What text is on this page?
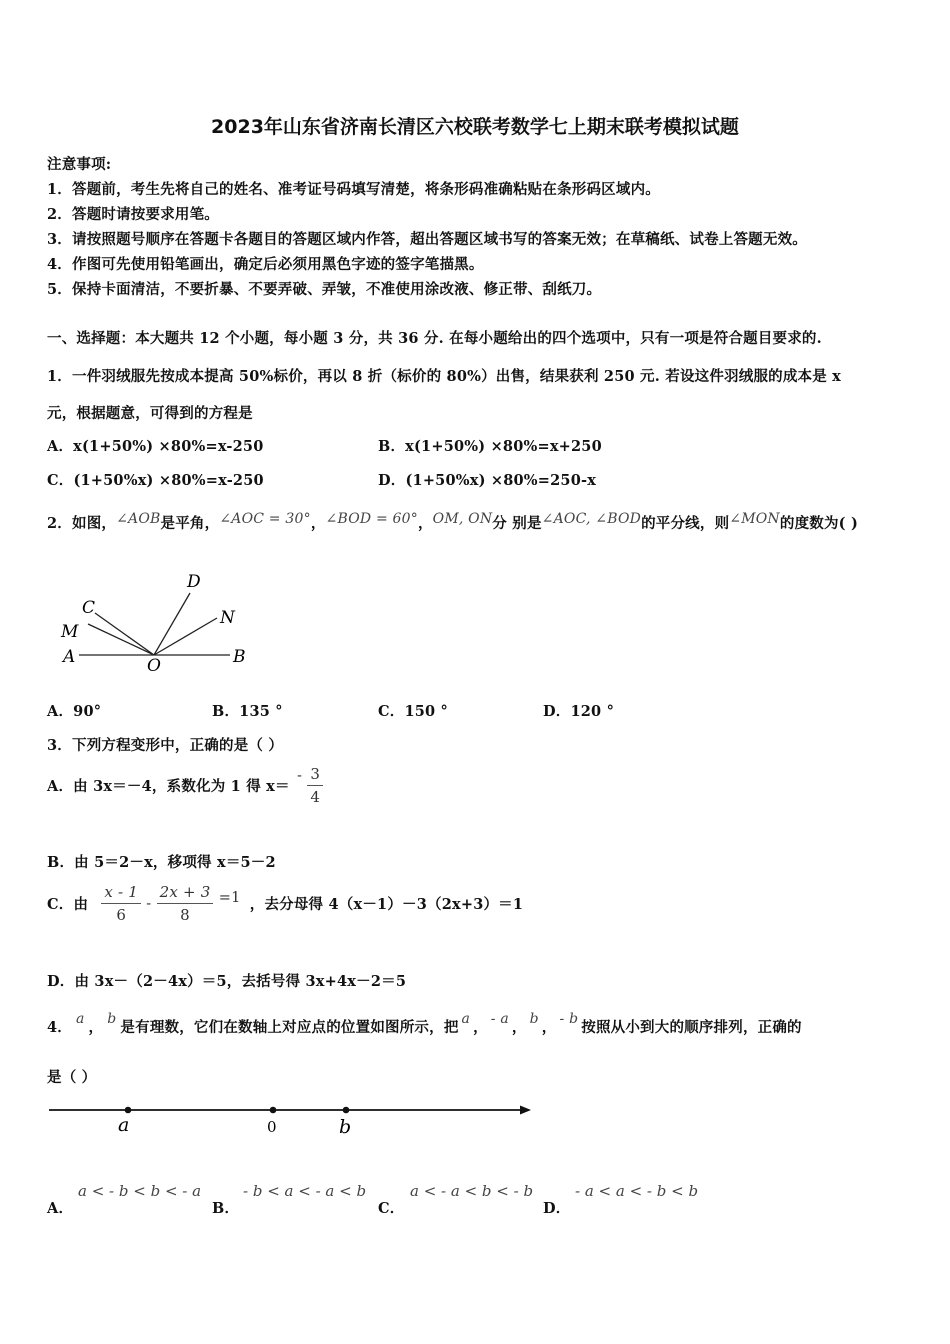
2023年山东省济南长清区六校联考数学七上期末联考模拟试题
注意事项:
1．答题前，考生先将自己的姓名、准考证号码填写清楚，将条形码准确粘贴在条形码区域内。
2．答题时请按要求用笔。
3．请按照题号顺序在答题卡各题目的答题区域内作答，超出答题区域书写的答案无效；在草稿纸、试卷上答题无效。
4．作图可先使用铅笔画出，确定后必须用黑色字迹的签字笔描黑。
5．保持卡面清洁，不要折暴、不要弄破、弄皱，不准使用涂改液、修正带、刮纸刀。
一、选择题：本大题共 12 个小题，每小题 3 分，共 36 分. 在每小题给出的四个选项中，只有一项是符合题目要求的.
1．一件羽绒服先按成本提高 50%标价，再以 8 折（标价的 80%）出售，结果获利 250 元. 若设这件羽绒服的成本是 x
元，根据题意，可得到的方程是
A．x(1+50%) ×80%=x-250	B．x(1+50%) ×80%=x+250
C．(1+50%x) ×80%=x-250	D．(1+50%x) ×80%=250-x
2．如图，∠AOB是平角，∠AOC = 30°，∠BOD = 60°，OM, ON分 别是∠AOC, ∠BOD的平分线，则∠MON的度数为( )
D
C	N
M
A	O	B
A．90°	B．135 °	C．150 °	D．120 °
3．下列方程变形中，正确的是（ ）
A．由 3x＝－4，系数化为 1 得 $x= - \frac{3}{4}$
B．由 5＝2－x，移项得 x＝5－2
C．由 $\frac{x - 1}{6} - \frac{2x + 3}{8} =1$ ，去分母得 4（x－1）－3（2x+3）＝1
D．由 3x－（2－4x）＝5，去括号得 3x+4x－2＝5
4． a ， b 是有理数，它们在数轴上对应点的位置如图所示，把 a ， - a ， b ， - b 按照从小到大的顺序排列，正确的
是（ ）
a	0	b
A．
a < - b < b < - a
B．
- b < a < - a < b
C．
a < - a < b < - b
D．
- a < a < - b < b
